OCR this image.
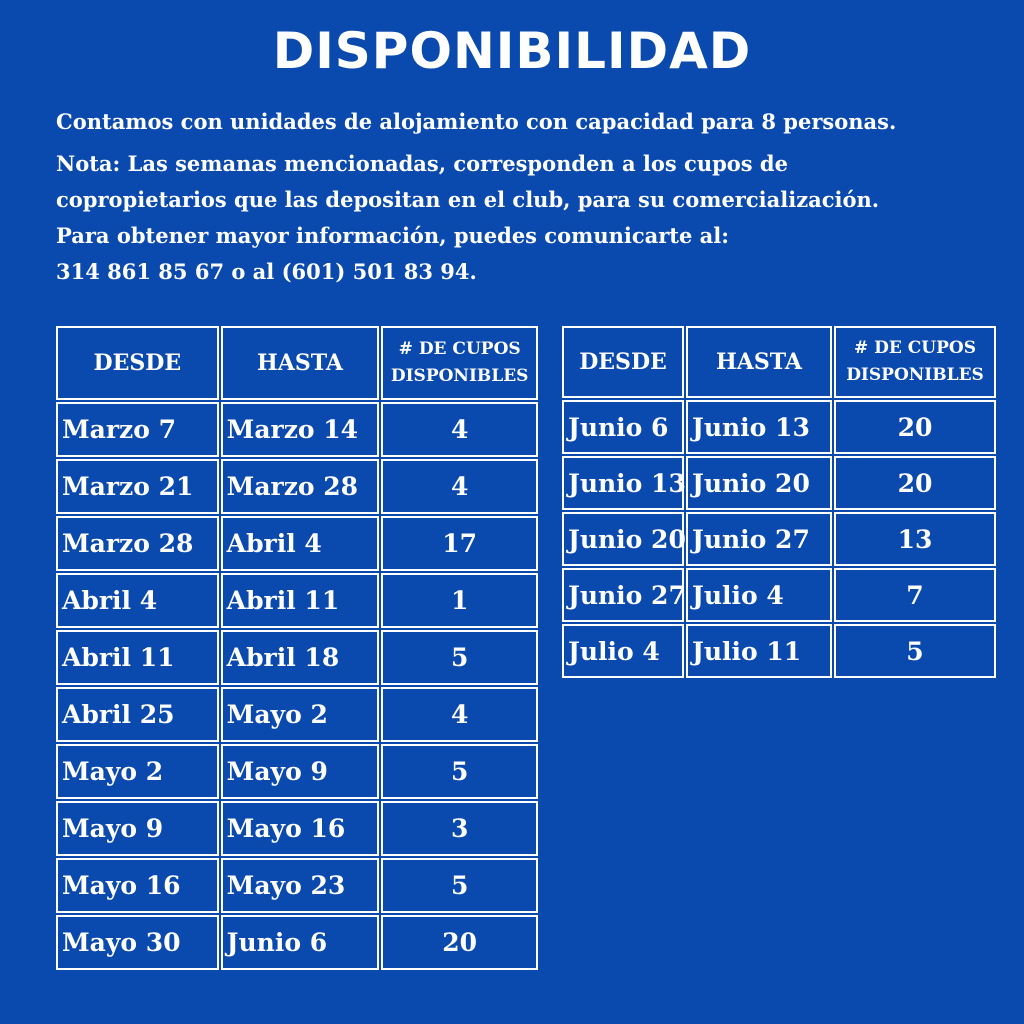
DISPONIBILIDAD
Contamos con unidades de alojamiento con capacidad para 8 personas.
Nota: Las semanas mencionadas, corresponden a los cupos de
copropietarios que las depositan en el club, para su comercialización.
Para obtener mayor información, puedes comunicarte al:
314 861 85 67 o al (601) 501 83 94.
DESDE	HASTA	# DE CUPOS
DISPONIBLES
Marzo 7	Marzo 14	4
Marzo 21	Marzo 28	4
Marzo 28	Abril 4	17
Abril 4	Abril 11	1
Abril 11	Abril 18	5
Abril 25	Mayo 2	4
Mayo 2	Mayo 9	5
Mayo 9	Mayo 16	3
Mayo 16	Mayo 23	5
Mayo 30	Junio 6	20
DESDE	HASTA	# DE CUPOS
DISPONIBLES
Junio 6	Junio 13	20
Junio 13	Junio 20	20
Junio 20	Junio 27	13
Junio 27	Julio 4	7
Julio 4	Julio 11	5
